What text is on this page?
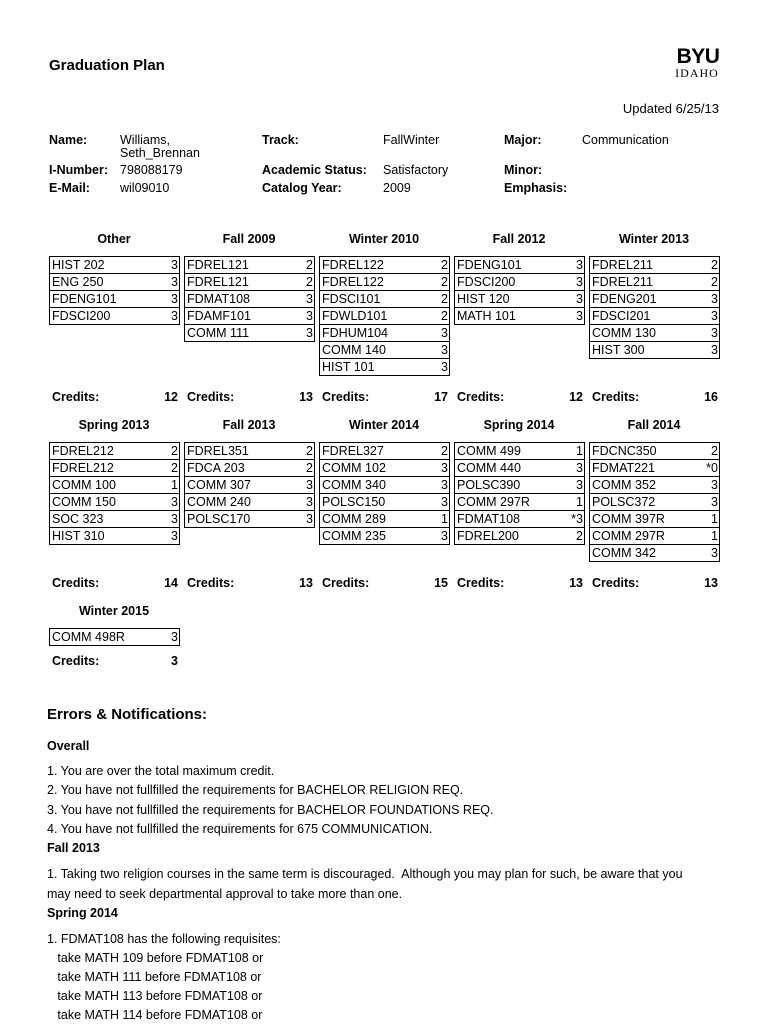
Graduation Plan	BYU
IDAHO
Updated 6/25/13
Name:	Williams,
Seth_Brennan
I-Number: 798088179
E-Mail: wil09010
Track:	FallWinter
Academic Status: Satisfactory
Catalog Year:	2009
Major:	Communication
Minor:
Emphasis:
Other
HIST 202	3
ENG 250	3
FDENG101	3
FDSCI200	3
Credits:	12
Fall 2009
FDREL121	2
FDREL121	2
FDMAT108	3
FDAMF101	3
COMM 111	3
Credits:	13
Winter 2010
FDREL122	2
FDREL122	2
FDSCI101	2
FDWLD101	2
FDHUM104	3
COMM 140	3
HIST 101	3
Credits:	17
Fall 2012
FDENG101	3
FDSCI200	3
HIST 120	3
MATH 101	3
Credits:	12
Winter 2013
FDREL211	2
FDREL211	2
FDENG201	3
FDSCI201	3
COMM 130	3
HIST 300	3
Credits:	16
Spring 2013
FDREL212	2
FDREL212	2
COMM 100	1
COMM 150	3
SOC 323	3
HIST 310	3
Credits:	14
Fall 2013
FDREL351	2
FDCA 203	2
COMM 307	3
COMM 240	3
POLSC170	3
Credits:	13
Winter 2014
FDREL327	2
COMM 102	3
COMM 340	3
POLSC150	3
COMM 289	1
COMM 235	3
Credits:	15
Spring 2014
COMM 499	1
COMM 440	3
POLSC390	3
COMM 297R	1
FDMAT108	*3
FDREL200	2
Credits:	13
Fall 2014
FDCNC350	2
FDMAT221	*0
COMM 352	3
POLSC372	3
COMM 397R	1
COMM 297R	1
COMM 342	3
Credits:	13
Winter 2015
COMM 498R	3
Credits:	3
Errors & Notifications:
Overall
1. You are over the total maximum credit.
2. You have not fullfilled the requirements for BACHELOR RELIGION REQ.
3. You have not fullfilled the requirements for BACHELOR FOUNDATIONS REQ.
4. You have not fullfilled the requirements for 675 COMMUNICATION.
Fall 2013
1. Taking two religion courses in the same term is discouraged.  Although you may plan for such, be aware that you
may need to seek departmental approval to take more than one.
Spring 2014
1. FDMAT108 has the following requisites:
take MATH 109 before FDMAT108 or
take MATH 111 before FDMAT108 or
take MATH 113 before FDMAT108 or
take MATH 114 before FDMAT108 or
